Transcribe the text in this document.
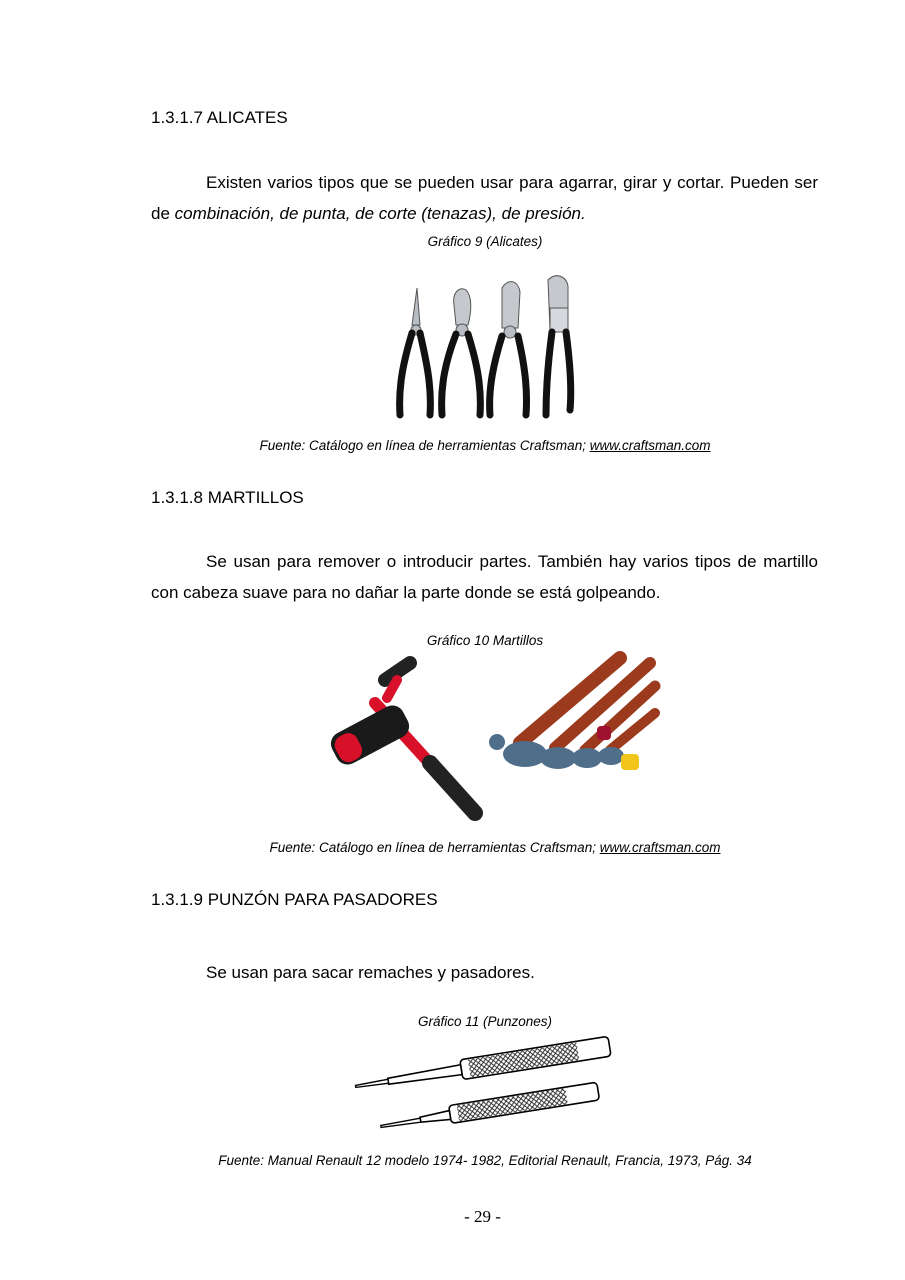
1.3.1.7 ALICATES
Existen varios tipos que se pueden usar para agarrar, girar y cortar. Pueden ser de combinación, de punta, de corte (tenazas), de presión.
Gráfico 9 (Alicates)
Fuente: Catálogo en línea de herramientas Craftsman; www.craftsman.com
1.3.1.8 MARTILLOS
Se usan para remover o introducir partes. También hay varios tipos de martillo con cabeza suave para no dañar la parte donde se está golpeando.
Gráfico 10 Martillos
Fuente: Catálogo en línea de herramientas Craftsman; www.craftsman.com
1.3.1.9 PUNZÓN PARA PASADORES
Se usan para sacar remaches y pasadores.
Gráfico 11 (Punzones)
Fuente: Manual Renault 12 modelo 1974- 1982, Editorial Renault, Francia, 1973, Pág. 34
- 29 -
